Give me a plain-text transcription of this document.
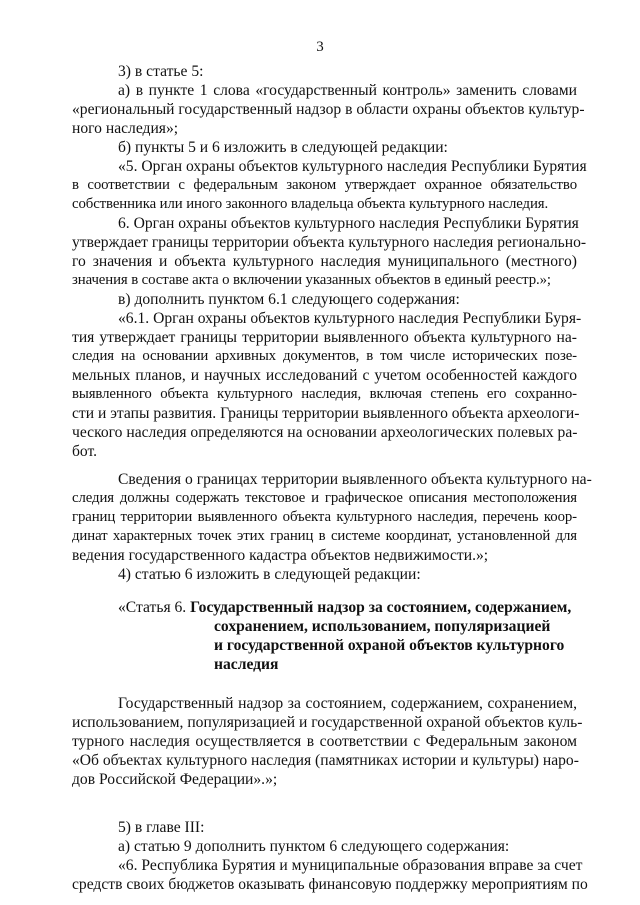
3
3) в статье 5:
а) в пункте 1 слова «государственный контроль» заменить словами
«региональный государственный надзор в области охраны объектов культур-
ного наследия»;
б) пункты 5 и 6 изложить в следующей редакции:
«5. Орган охраны объектов культурного наследия Республики Бурятия
в соответствии с федеральным законом утверждает охранное обязательство
собственника или иного законного владельца объекта культурного наследия.
6. Орган охраны объектов культурного наследия Республики Бурятия
утверждает границы территории объекта культурного наследия регионально-
го значения и объекта культурного наследия муниципального (местного)
значения в составе акта о включении указанных объектов в единый реестр.»;
в) дополнить пунктом 6.1 следующего содержания:
«6.1. Орган охраны объектов культурного наследия Республики Буря-
тия утверждает границы территории выявленного объекта культурного на-
следия на основании архивных документов, в том числе исторических позе-
мельных планов, и научных исследований с учетом особенностей каждого
выявленного объекта культурного наследия, включая степень его сохранно-
сти и этапы развития. Границы территории выявленного объекта археологи-
ческого наследия определяются на основании археологических полевых ра-
бот.
Сведения о границах территории выявленного объекта культурного на-
следия должны содержать текстовое и графическое описания местоположения
границ территории выявленного объекта культурного наследия, перечень коор-
динат характерных точек этих границ в системе координат, установленной для
ведения государственного кадастра объектов недвижимости.»;
4) статью 6 изложить в следующей редакции:
«Статья 6. Государственный надзор за состоянием, содержанием,
сохранением, использованием, популяризацией
и государственной охраной объектов культурного
наследия
Государственный надзор за состоянием, содержанием, сохранением,
использованием, популяризацией и государственной охраной объектов куль-
турного наследия осуществляется в соответствии с Федеральным законом
«Об объектах культурного наследия (памятниках истории и культуры) наро-
дов Российской Федерации».»;
5) в главе III:
а) статью 9 дополнить пунктом 6 следующего содержания:
«6. Республика Бурятия и муниципальные образования вправе за счет
средств своих бюджетов оказывать финансовую поддержку мероприятиям по
